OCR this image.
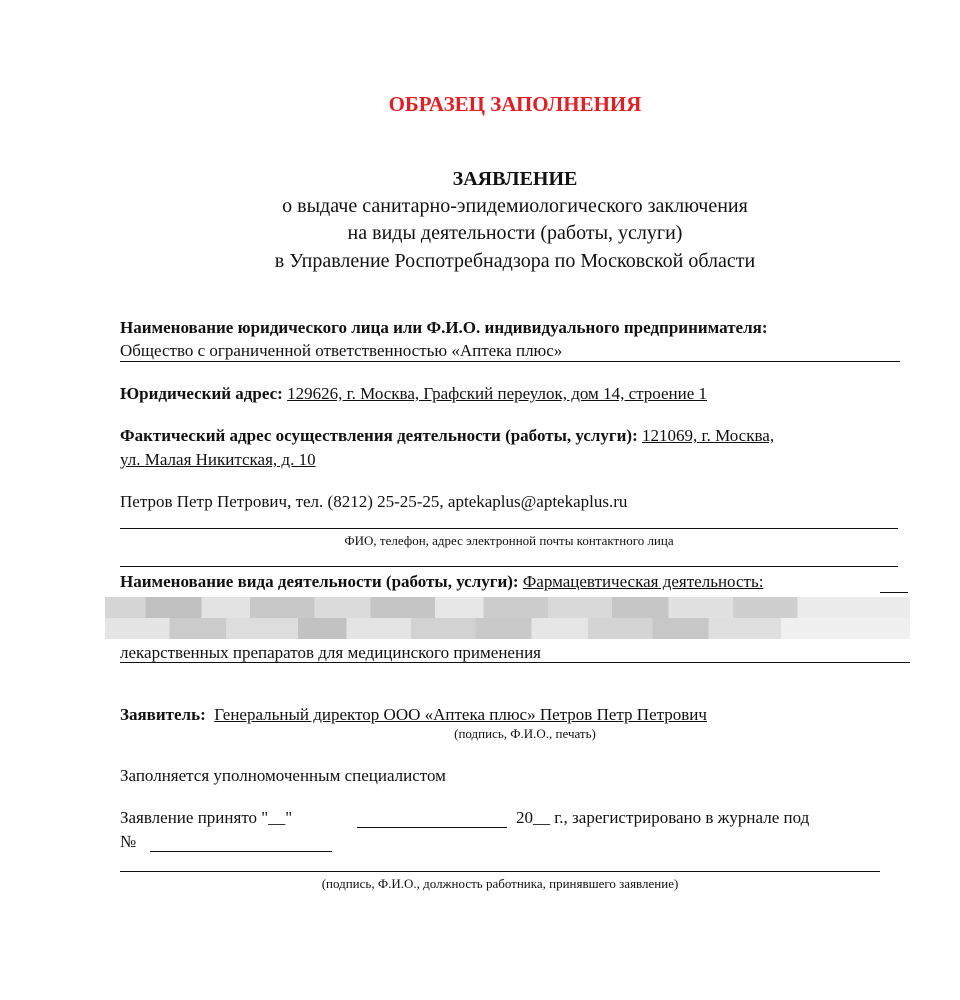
ОБРАЗЕЦ ЗАПОЛНЕНИЯ
ЗАЯВЛЕНИЕ
о выдаче санитарно-эпидемиологического заключения
на виды деятельности (работы, услуги)
в Управление Роспотребнадзора по Московской области
Наименование юридического лица или Ф.И.О. индивидуального предпринимателя:
Общество с ограниченной ответственностью «Аптека плюс»
Юридический адрес: 129626, г. Москва, Графский переулок, дом 14, строение 1
Фактический адрес осуществления деятельности (работы, услуги): 121069, г. Москва,
ул. Малая Никитская, д. 10
Петров Петр Петрович, тел. (8212) 25-25-25, aptekaplus@aptekaplus.ru
ФИО, телефон, адрес электронной почты контактного лица
Наименование вида деятельности (работы, услуги): Фармацевтическая деятельность:
лекарственных препаратов для медицинского применения
Заявитель: Генеральный директор ООО «Аптека плюс» Петров Петр Петрович
(подпись, Ф.И.О., печать)
Заполняется уполномоченным специалистом
Заявление принято "__"	20__ г., зарегистрировано в журнале под
№
(подпись, Ф.И.О., должность работника, принявшего заявление)
